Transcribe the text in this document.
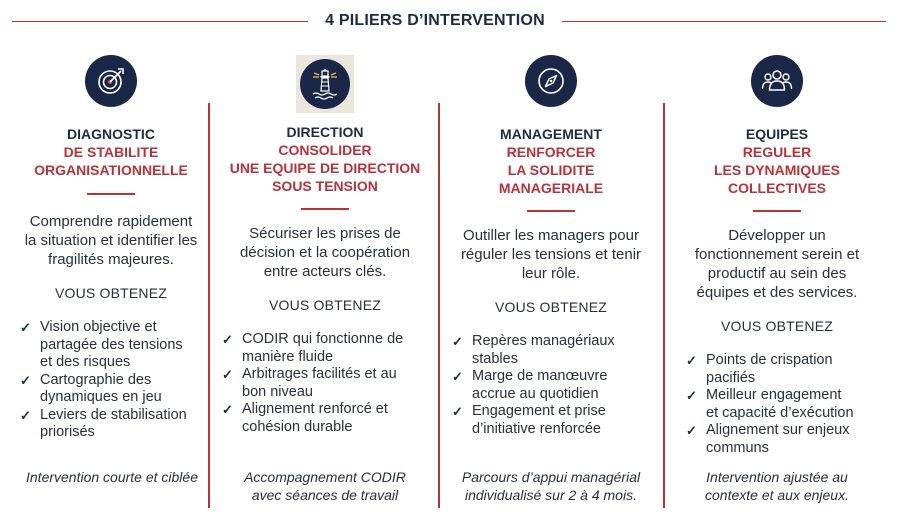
4 PILIERS D’INTERVENTION
DIAGNOSTIC
DE STABILITE
ORGANISATIONNELLE
Comprendre rapidement
la situation et identifier les
fragilités majeures.
VOUS OBTENEZ
✓ Vision objective et
partagée des tensions
et des risques
✓ Cartographie des
dynamiques en jeu
✓ Leviers de stabilisation
priorisés
Intervention courte et ciblée
DIRECTION
CONSOLIDER
UNE EQUIPE DE DIRECTION
SOUS TENSION
Sécuriser les prises de
décision et la coopération
entre acteurs clés.
VOUS OBTENEZ
✓ CODIR qui fonctionne de
manière fluide
✓ Arbitrages facilités et au
bon niveau
✓ Alignement renforcé et
cohésion durable
Accompagnement CODIR
avec séances de travail
MANAGEMENT
RENFORCER
LA SOLIDITE
MANAGERIALE
Outiller les managers pour
réguler les tensions et tenir
leur rôle.
VOUS OBTENEZ
✓ Repères managériaux
stables
✓ Marge de manœuvre
accrue au quotidien
✓ Engagement et prise
d’initiative renforcée
Parcours d’appui managérial
individualisé sur 2 à 4 mois.
EQUIPES
REGULER
LES DYNAMIQUES
COLLECTIVES
Développer un
fonctionnement serein et
productif au sein des
équipes et des services.
VOUS OBTENEZ
✓ Points de crispation
pacifiés
✓ Meilleur engagement
et capacité d’exécution
✓ Alignement sur enjeux
communs
Intervention ajustée au
contexte et aux enjeux.
